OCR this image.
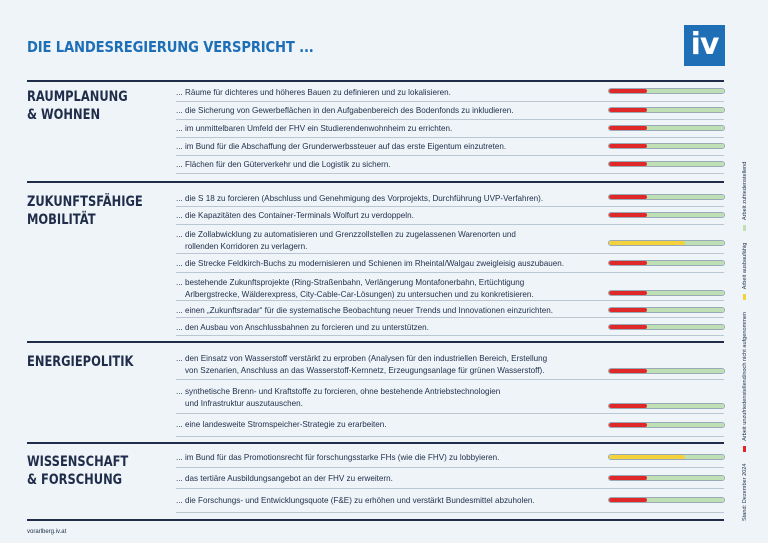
DIE LANDESREGIERUNG VERSPRICHT ...	iv
RAUMPLANUNG
& WOHNEN
ZUKUNFTSFÄHIGE
MOBILITÄT
ENERGIEPOLITIK
WISSENSCHAFT
& FORSCHUNG
... Räume für dichteres und höheres Bauen zu definieren und zu lokalisieren.
... die Sicherung von Gewerbeflächen in den Aufgabenbereich des Bodenfonds zu inkludieren.
... im unmittelbaren Umfeld der FHV ein Studierendenwohnheim zu errichten.
... im Bund für die Abschaffung der Grunderwerbssteuer auf das erste Eigentum einzutreten.
... Flächen für den Güterverkehr und die Logistik zu sichern.
... die S 18 zu forcieren (Abschluss und Genehmigung des Vorprojekts, Durchführung UVP-Verfahren).
... die Kapazitäten des Container-Terminals Wolfurt zu verdoppeln.
... die Zollabwicklung zu automatisieren und Grenzzollstellen zu zugelassenen Warenorten und
rollenden Korridoren zu verlagern.
... die Strecke Feldkirch-Buchs zu modernisieren und Schienen im Rheintal/Walgau zweigleisig auszubauen.
... bestehende Zukunftsprojekte (Ring-Straßenbahn, Verlängerung Montafonerbahn, Ertüchtigung
Arlbergstrecke, Wälderexpress, City-Cable-Car-Lösungen) zu untersuchen und zu konkretisieren.
... einen „Zukunftsradar“ für die systematische Beobachtung neuer Trends und Innovationen einzurichten.
... den Ausbau von Anschlussbahnen zu forcieren und zu unterstützen.
... den Einsatz von Wasserstoff verstärkt zu erproben (Analysen für den industriellen Bereich, Erstellung
von Szenarien, Anschluss an das Wasserstoff-Kernnetz, Erzeugungsanlage für grünen Wasserstoff).
... synthetische Brenn- und Kraftstoffe zu forcieren, ohne bestehende Antriebstechnologien
und Infrastruktur auszutauschen.
... eine landesweite Stromspeicher-Strategie zu erarbeiten.
... im Bund für das Promotionsrecht für forschungsstarke FHs (wie die FHV) zu lobbyieren.
... das tertiäre Ausbildungsangebot an der FHV zu erweitern.
... die Forschungs- und Entwicklungsquote (F&E) zu erhöhen und verstärkt Bundesmittel abzuholen.	Stand: Dezember 2024 Arbeit unzufriedenstellend/noch nicht aufgenommen Arbeit ausbaufähig Arbeit zufriedenstellend
vorarlberg.iv.at
